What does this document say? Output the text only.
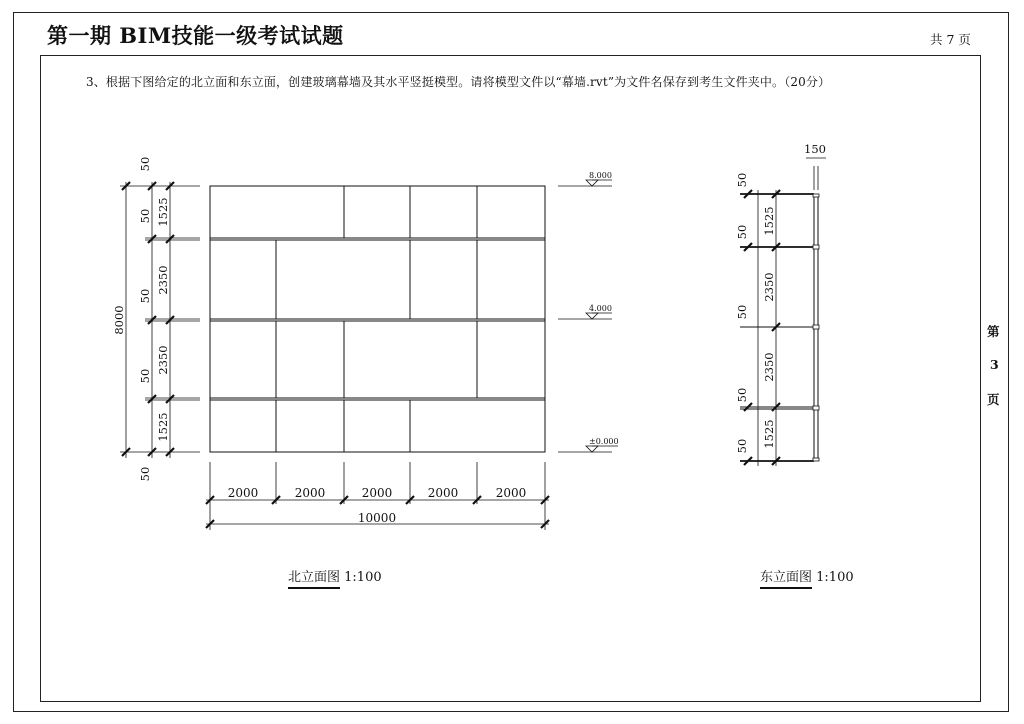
第一期 BIM技能一级考试试题	共 7 页
3、根据下图给定的北立面和东立面，创建玻璃幕墙及其水平竖挺模型。请将模型文件以“幕墙.rvt”为文件名保存到考生文件夹中。（20分）
第
3
页
8000
50
1525
50
2350
50
2350
50
1525
50
2000	2000	2000	2000	2000
10000
8.000
4.000
±0.000
150
50
1525
50
2350
50
2350
50
1525
50
北立面图 1:100	东立面图 1:100
